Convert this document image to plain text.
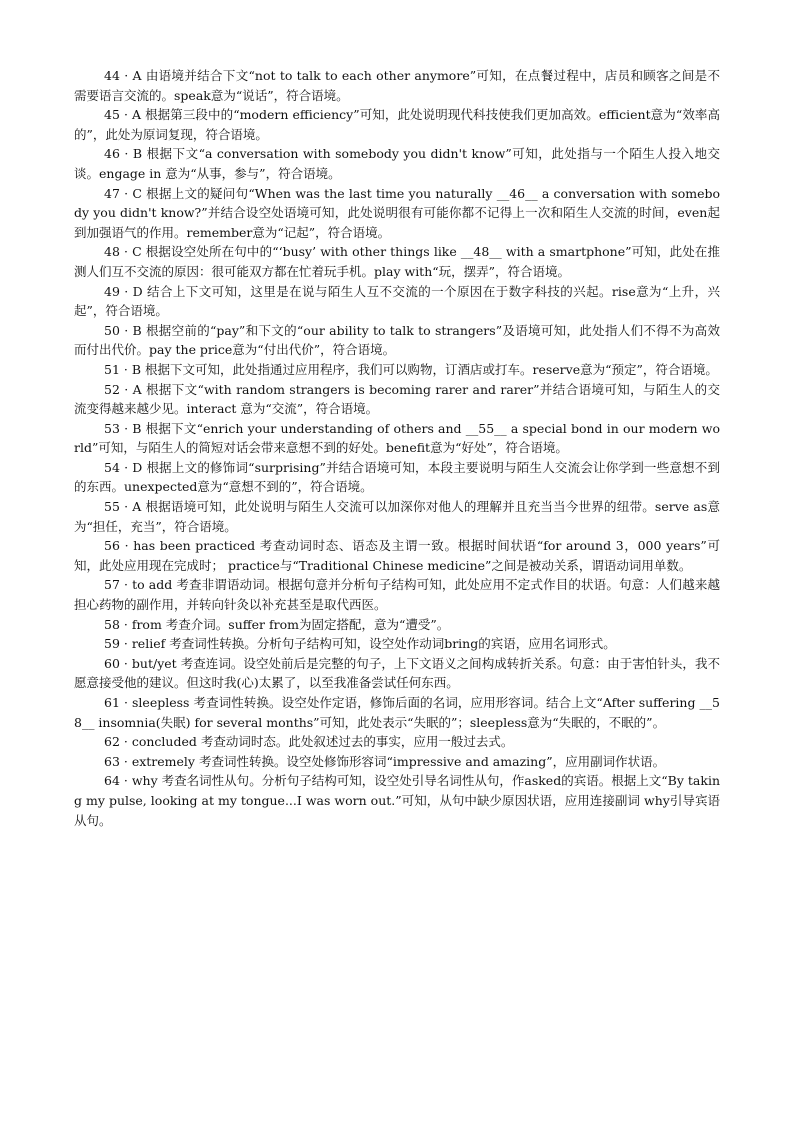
44 · A 由语境并结合下文“not to talk to each other anymore”可知，在点餐过程中，店员和顾客之间是不需要语言交流的。speak意为“说话”，符合语境。

45 · A 根据第三段中的“modern efficiency”可知，此处说明现代科技使我们更加高效。efficient意为“效率高的”，此处为原词复现，符合语境。

46 · B 根据下文“a conversation with somebody you didn't know”可知，此处指与一个陌生人投入地交谈。engage in 意为“从事，参与”，符合语境。

47 · C 根据上文的疑问句“When was the last time you naturally __46__ a conversation with somebody you didn't know?”并结合设空处语境可知，此处说明很有可能你都不记得上一次和陌生人交流的时间，even起到加强语气的作用。remember意为“记起”，符合语境。

48 · C 根据设空处所在句中的“‘busy’ with other things like __48__ with a smartphone”可知，此处在推测人们互不交流的原因：很可能双方都在忙着玩手机。play with“玩，摆弄”，符合语境。

49 · D 结合上下文可知，这里是在说与陌生人互不交流的一个原因在于数字科技的兴起。rise意为“上升，兴起”，符合语境。

50 · B 根据空前的“pay”和下文的“our ability to talk to strangers”及语境可知，此处指人们不得不为高效而付出代价。pay the price意为“付出代价”，符合语境。

51 · B 根据下文可知，此处指通过应用程序，我们可以购物，订酒店或打车。reserve意为“预定”，符合语境。

52 · A 根据下文“with random strangers is becoming rarer and rarer”并结合语境可知，与陌生人的交流变得越来越少见。interact 意为“交流”，符合语境。

53 · B 根据下文“enrich your understanding of others and __55__ a special bond in our modern world”可知，与陌生人的简短对话会带来意想不到的好处。benefit意为“好处”，符合语境。

54 · D 根据上文的修饰词“surprising”并结合语境可知，本段主要说明与陌生人交流会让你学到一些意想不到的东西。unexpected意为“意想不到的”，符合语境。

55 · A 根据语境可知，此处说明与陌生人交流可以加深你对他人的理解并且充当当今世界的纽带。serve as意为“担任，充当”，符合语境。

56 · has been practiced 考查动词时态、语态及主谓一致。根据时间状语“for around 3，000 years”可知，此处应用现在完成时； practice与“Traditional Chinese medicine”之间是被动关系，谓语动词用单数。

57 · to add 考查非谓语动词。根据句意并分析句子结构可知，此处应用不定式作目的状语。句意：人们越来越担心药物的副作用，并转向针灸以补充甚至是取代西医。

58 · from 考查介词。suffer from为固定搭配，意为“遭受”。

59 · relief 考查词性转换。分析句子结构可知，设空处作动词bring的宾语，应用名词形式。

60 · but/yet 考查连词。设空处前后是完整的句子，上下文语义之间构成转折关系。句意：由于害怕针头，我不愿意接受他的建议。但这时我(心)太累了，以至我准备尝试任何东西。

61 · sleepless 考查词性转换。设空处作定语，修饰后面的名词，应用形容词。结合上文“After suffering __58__ insomnia(失眠) for several months”可知，此处表示“失眠的”；sleepless意为“失眠的，不眠的”。

62 · concluded 考查动词时态。此处叙述过去的事实，应用一般过去式。

63 · extremely 考查词性转换。设空处修饰形容词“impressive and amazing”，应用副词作状语。

64 · why 考查名词性从句。分析句子结构可知，设空处引导名词性从句，作asked的宾语。根据上文“By taking my pulse, looking at my tongue...I was worn out.”可知，从句中缺少原因状语，应用连接副词 why引导宾语从句。
